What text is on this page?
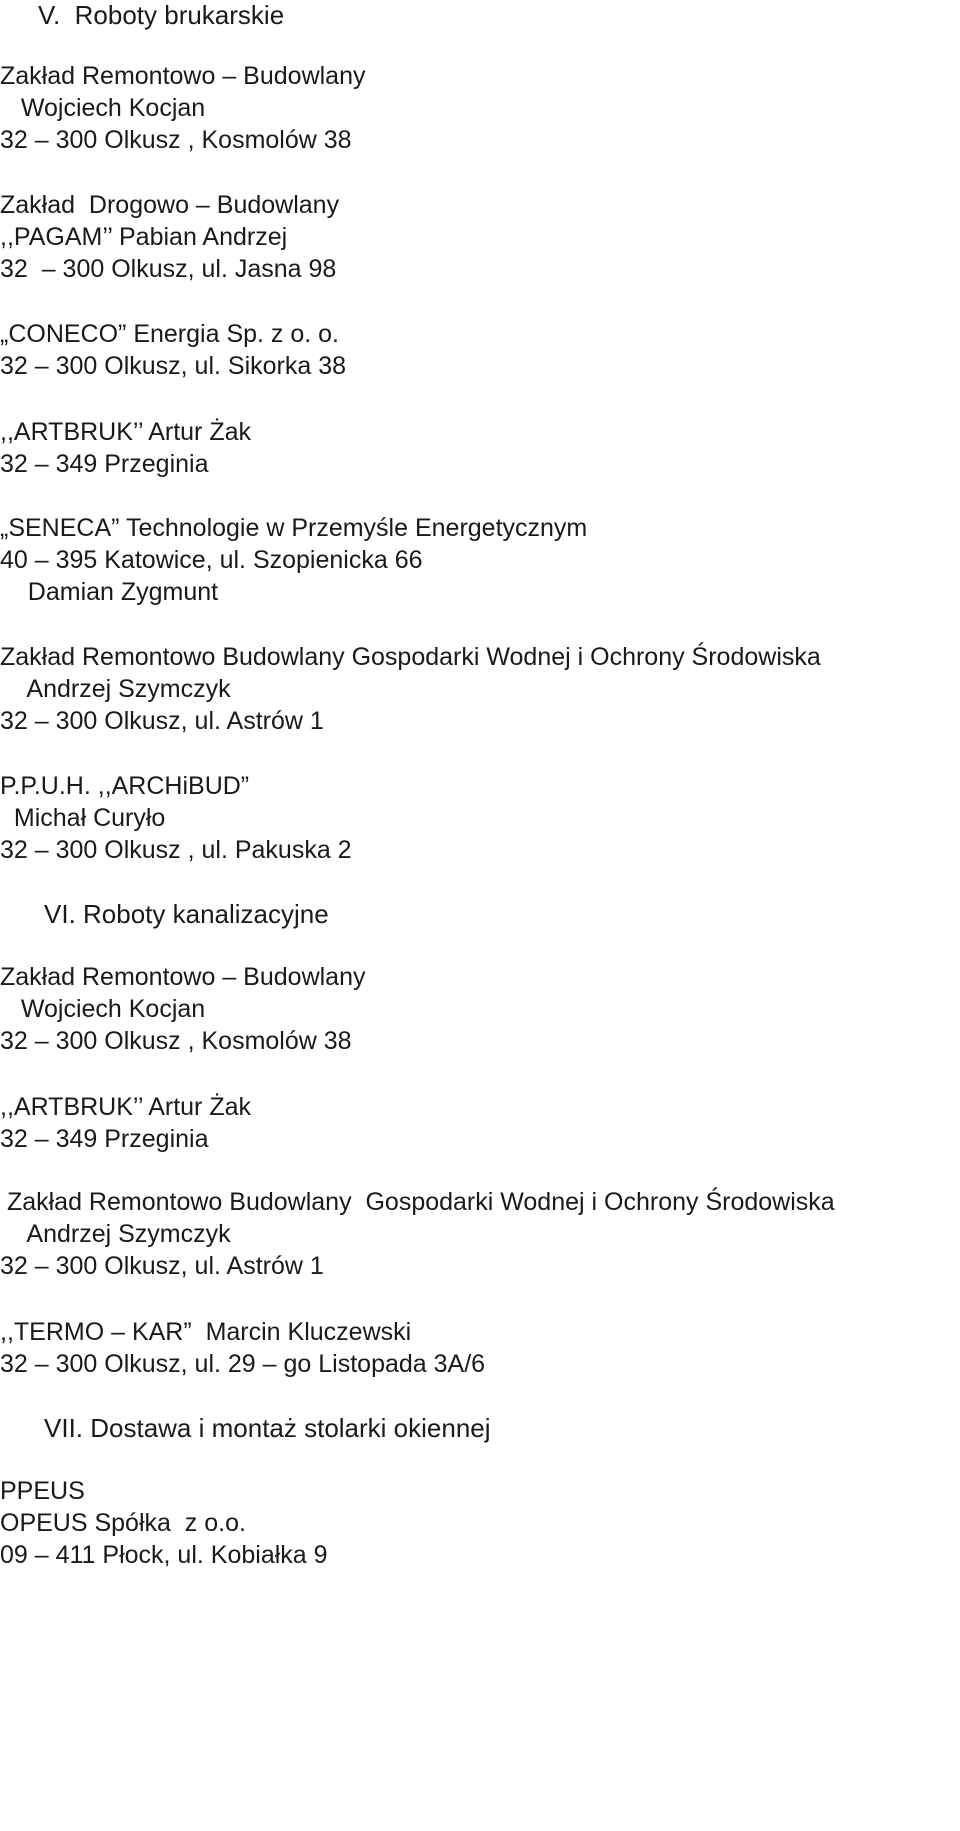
V.  Roboty brukarskie

Zakład Remontowo – Budowlany

Wojciech Kocjan

32 – 300 Olkusz , Kosmolów 38

Zakład  Drogowo – Budowlany

,,PAGAM’’ Pabian Andrzej

32  – 300 Olkusz, ul. Jasna 98

„CONECO” Energia Sp. z o. o.

32 – 300 Olkusz, ul. Sikorka 38

,,ARTBRUK’’ Artur Żak

32 – 349 Przeginia

„SENECA” Technologie w Przemyśle Energetycznym

40 – 395 Katowice, ul. Szopienicka 66

Damian Zygmunt

Zakład Remontowo Budowlany Gospodarki Wodnej i Ochrony Środowiska

Andrzej Szymczyk

32 – 300 Olkusz, ul. Astrów 1

P.P.U.H. ,,ARCHiBUD”

Michał Curyło

32 – 300 Olkusz , ul. Pakuska 2

VI. Roboty kanalizacyjne

Zakład Remontowo – Budowlany

Wojciech Kocjan

32 – 300 Olkusz , Kosmolów 38

,,ARTBRUK’’ Artur Żak

32 – 349 Przeginia

Zakład Remontowo Budowlany  Gospodarki Wodnej i Ochrony Środowiska

Andrzej Szymczyk

32 – 300 Olkusz, ul. Astrów 1

,,TERMO – KAR”  Marcin Kluczewski

32 – 300 Olkusz, ul. 29 – go Listopada 3A/6

VII. Dostawa i montaż stolarki okiennej

PPEUS

OPEUS Spółka  z o.o.

09 – 411 Płock, ul. Kobiałka 9
